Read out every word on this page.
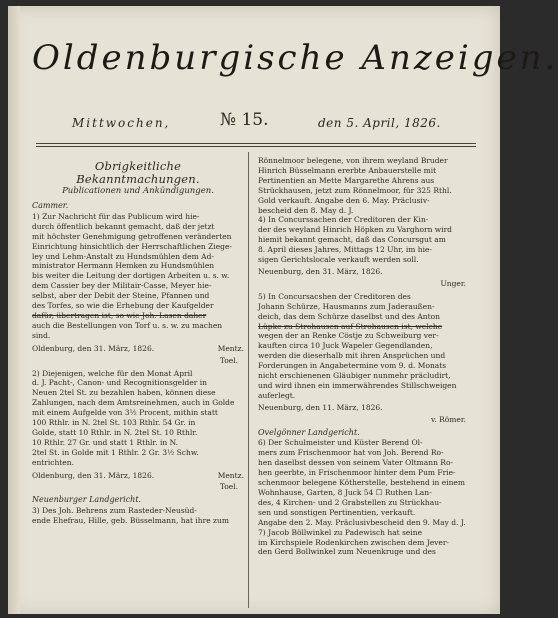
Oldenburgische Anzeigen.
Mittwochen,	№ 15.	den 5. April, 1826.
Obrigkeitliche Bekanntmachungen.
Publicationen und Ankündigungen.
Cammer.
1) Zur Nachricht für das Publicum wird hie-
durch öffentlich bekannt gemacht, daß der jetzt
mit höchster Genehmigung getroffenen veränderten
Einrichtung hinsichtlich der Herrschaftlichen Ziege-
ley und Lehm-Anstalt zu Hundsmühlen dem Ad-
ministrator Hermann Hemken zu Hundsmühlen
bis weiter die Leitung der dortigen Arbeiten u. s. w.
dem Cassier bey der Militair-Casse, Meyer hie-
selbst, aber der Debit der Steine, Pfannen und
des Torfes, so wie die Erhebung der Kaufgelder
dafür, übertragen ist, so wie Joh. Lasen daher
auch die Bestellungen von Torf u. s. w. zu machen
sind.
Oldenburg, den 31. März, 1826.	Mentz.
Toel.
2) Diejenigen, welche für den Monat April
d. J. Pacht-, Canon- und Recognitionsgelder in
Neuen 2tel St. zu bezahlen haben, können diese
Zahlungen, nach dem Amtsreinehmen, auch in Golde
mit einem Aufgelde von 3½ Procent, mithin statt
100 Rthlr. in N. 2tel St. 103 Rthlr. 54 Gr. in
Golde, statt 10 Rthlr. in N. 2tel St. 10 Rthlr.
10 Rthlr. 27 Gr. und statt 1 Rthlr. in N.
2tel St. in Golde mit 1 Rthlr. 2 Gr. 3½ Schw.
entrichten.
Oldenburg, den 31. März, 1826.	Mentz.
Toel.
Neuenburger Landgericht.
3) Des Joh. Behrens zum Rasteder-Neusüd-
ende Ehefrau, Hille, geb. Büsselmann, hat ihre zum
Rönnelmoor belegene, von ihrem weyland Bruder
Hinrich Büsselmann ererbte Anbauerstelle mit
Pertinentien an Mette Margarethe Ahrens aus
Strückhausen, jetzt zum Rönnelmoor, für 325 Rthl.
Gold verkauft. Angabe den 6. May. Präclusiv-
bescheid den 8. May d. J.
4) In Concurssachen der Creditoren der Kin-
der des weyland Hinrich Höpken zu Varghorn wird
hiemit bekannt gemacht, daß das Concursgut am
8. April dieses Jahres, Mittags 12 Uhr, im hie-
sigen Gerichtslocale verkauft werden soll.
Neuenburg, den 31. März, 1826.
Unger.
5) In Concursacshen der Creditoren des
Johann Schürze, Hausmanns zum Jaderaußen-
deich, das dem Schürze daselbst und des Anton
Lüpke zu Strohausen auf Strohausen ist, welche
wegen der an Renke Cöstje zu Schweiburg ver-
kauften circa 10 Juck Wapeler Gegendlanden,
werden die dieserhalb mit ihren Ansprüchen und
Forderungen in Angabetermine vom 9. d. Monats
nicht erschienenen Gläubiger nunmehr präcludirt,
und wird ihnen ein immerwährendes Stillschweigen
auferlegt.
Neuenburg, den 11. März, 1826.
v. Römer.
Ovelgönner Landgericht.
6) Der Schulmeister und Küster Berend Ol-
mers zum Frischenmoor hat von Joh. Berend Ro-
hen daselbst dessen von seinem Vater Oltmann Ro-
hen geerbte, in Frischenmoor hinter dem Pum Frie-
schenmoor belegene Kötherstelle, bestehend in einem
Wohnhause, Garten, 8 Juck 54 ☐ Ruthen Lan-
des, 4 Kirchen- und 2 Grabstellen zu Strückhau-
sen und sonstigen Pertinentien, verkauft.
Angabe den 2. May. Präclusivbescheid den 9. May d. J.
7) Jacob Böllwinkel zu Padewisch hat seine
im Kirchspiele Rodenkirchen zwischen dem Jever-
den Gerd Bollwinkel zum Neuenkruge und des
